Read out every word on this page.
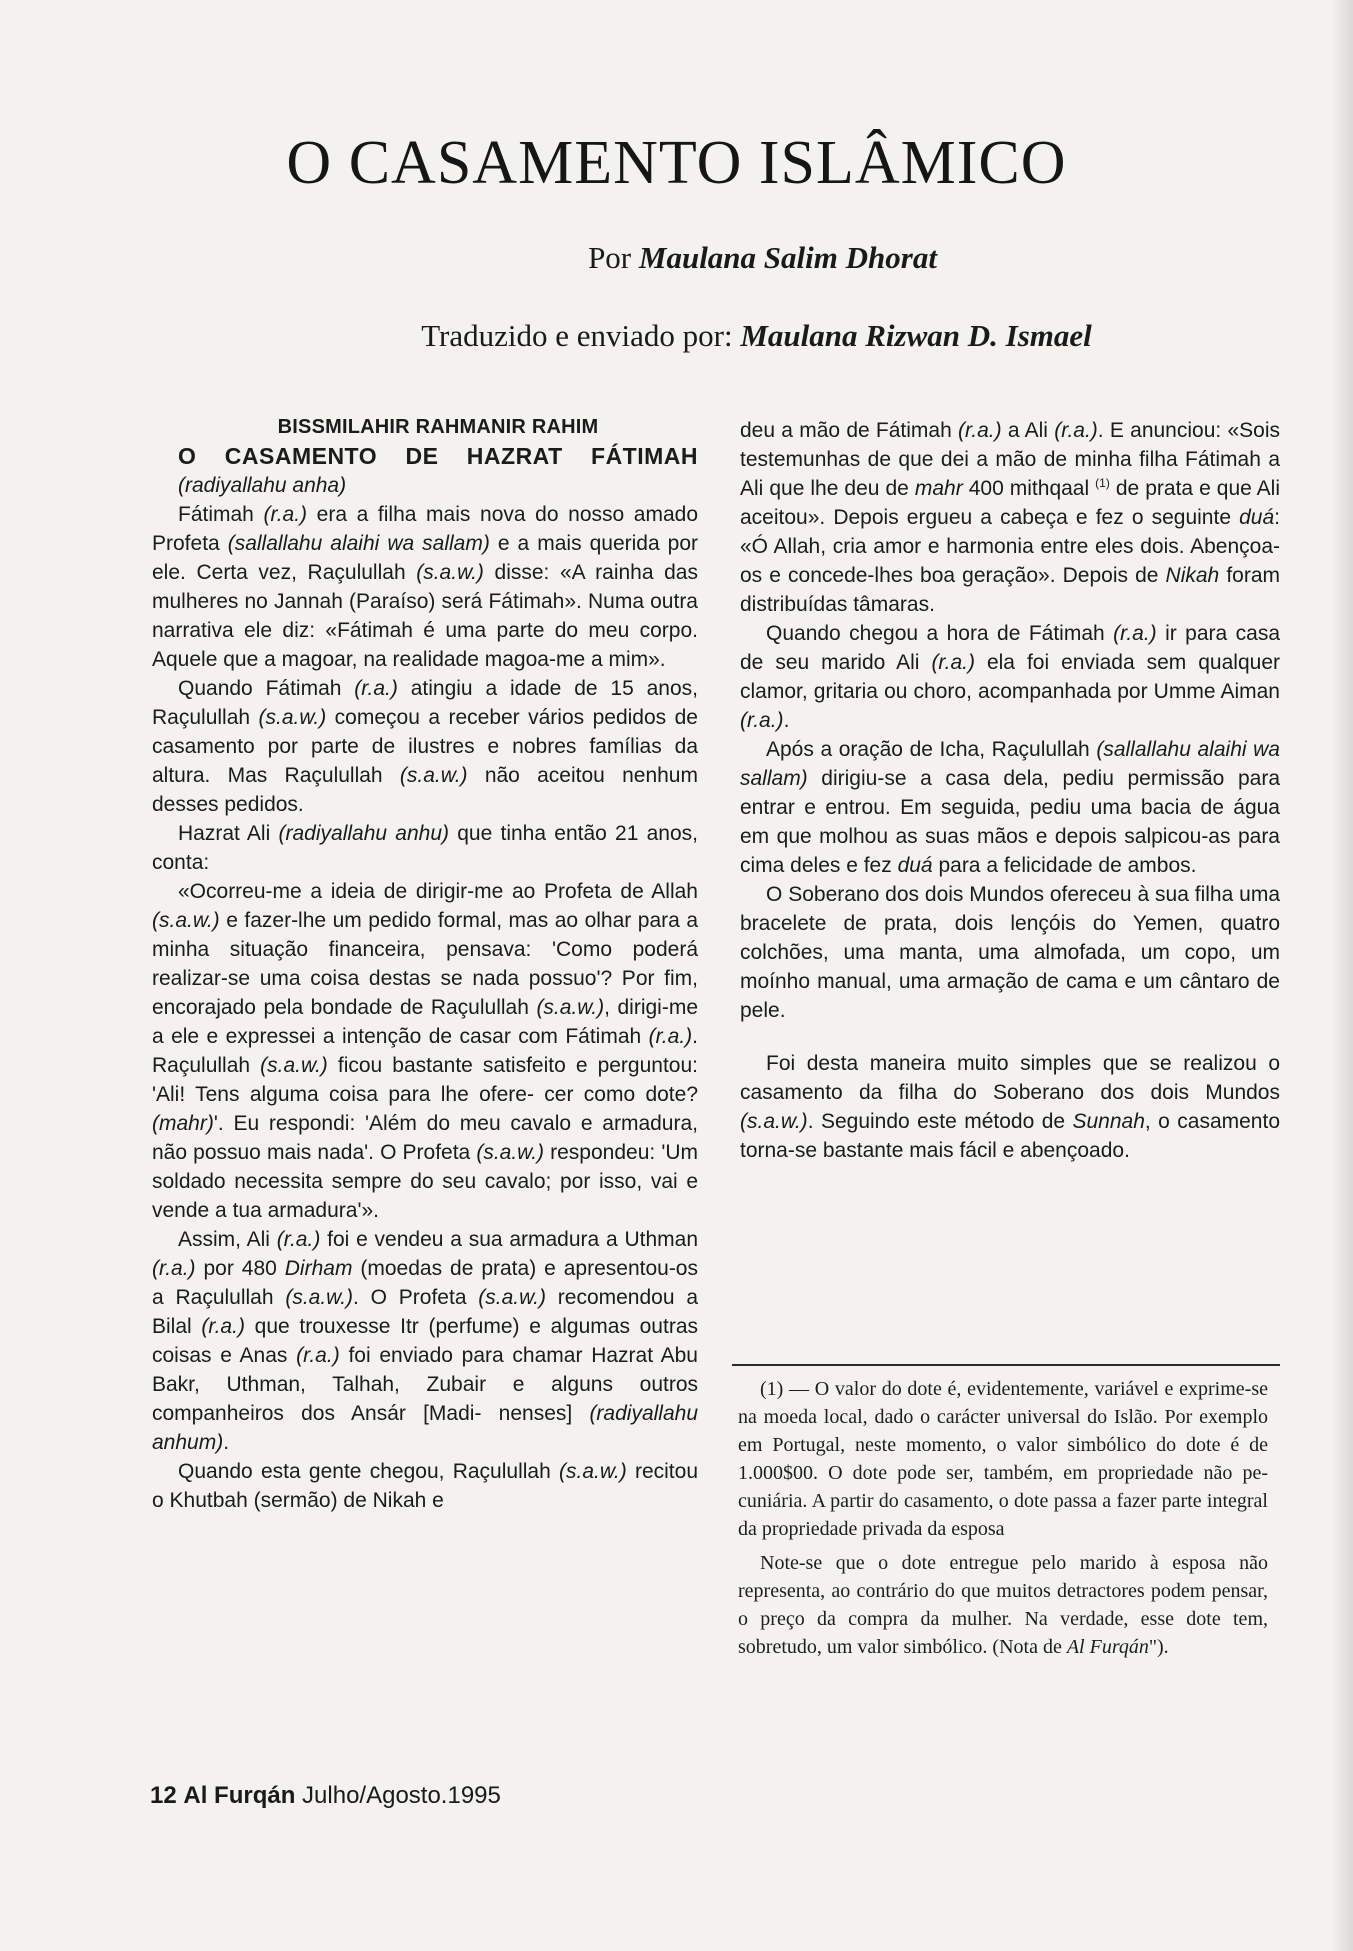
O CASAMENTO ISLÂMICO
Por Maulana Salim Dhorat
Traduzido e enviado por: Maulana Rizwan D. Ismael

BISSMILAHIR RAHMANIR RAHIM

O CASAMENTO DE HAZRAT FÁTIMAH

(radiyallahu anha)

Fátimah (r.a.) era a filha mais nova do nosso amado Profeta (sallallahu alaihi wa sallam) e a mais querida por ele. Certa vez, Raçulullah (s.a.w.) disse: «A rainha das mulheres no Jannah (Paraíso) será Fátimah». Numa outra narrativa ele diz: «Fátimah é uma parte do meu corpo. Aquele que a magoar, na realidade magoa-me a mim».

Quando Fátimah (r.a.) atingiu a idade de 15 anos, Raçulullah (s.a.w.) começou a receber vários pedidos de casamento por parte de ilustres e nobres famílias da altura. Mas Raçulullah (s.a.w.) não aceitou nenhum desses pedidos.

Hazrat Ali (radiyallahu anhu) que tinha então 21 anos, conta:

«Ocorreu-me a ideia de dirigir-me ao Profeta de Allah (s.a.w.) e fazer-lhe um pedido formal, mas ao olhar para a minha situação financeira, pensava: 'Como poderá realizar-se uma coisa destas se nada possuo'? Por fim, encorajado pela bondade de Raçulullah (s.a.w.), dirigi-me a ele e expressei a intenção de casar com Fátimah (r.a.). Raçulullah (s.a.w.) ficou bastante satisfeito e perguntou: 'Ali! Tens alguma coisa para lhe ofere- cer como dote? (mahr)'. Eu respondi: 'Além do meu cavalo e armadura, não possuo mais nada'. O Profeta (s.a.w.) respondeu: 'Um soldado necessita sempre do seu cavalo; por isso, vai e vende a tua armadura'».

Assim, Ali (r.a.) foi e vendeu a sua armadura a Uthman (r.a.) por 480 Dirham (moedas de prata) e apresentou-os a Raçulullah (s.a.w.). O Profeta (s.a.w.) recomendou a Bilal (r.a.) que trouxesse Itr (perfume) e algumas outras coisas e Anas (r.a.) foi enviado para chamar Hazrat Abu Bakr, Uthman, Talhah, Zubair e alguns outros companheiros dos Ansár [Madi- nenses] (radiyallahu anhum).

Quando esta gente chegou, Raçulullah (s.a.w.) recitou o Khutbah (sermão) de Nikah e

deu a mão de Fátimah (r.a.) a Ali (r.a.). E anunciou: «Sois testemunhas de que dei a mão de minha filha Fátimah a Ali que lhe deu de mahr 400 mithqaal $^{(1)}$ de prata e que Ali aceitou». Depois ergueu a cabeça e fez o seguinte duá: «Ó Allah, cria amor e harmonia entre eles dois. Abençoa-os e concede-lhes boa geração». Depois de Nikah foram distribuídas tâmaras.

Quando chegou a hora de Fátimah (r.a.) ir para casa de seu marido Ali (r.a.) ela foi enviada sem qualquer clamor, gritaria ou choro, acompanhada por Umme Aiman (r.a.).

Após a oração de Icha, Raçulullah (sallallahu alaihi wa sallam) dirigiu-se a casa dela, pediu permissão para entrar e entrou. Em seguida, pediu uma bacia de água em que molhou as suas mãos e depois salpicou-as para cima deles e fez duá para a felicidade de ambos.

O Soberano dos dois Mundos ofereceu à sua filha uma bracelete de prata, dois lençóis do Yemen, quatro colchões, uma manta, uma almofada, um copo, um moínho manual, uma armação de cama e um cântaro de pele.

Foi desta maneira muito simples que se realizou o casamento da filha do Soberano dos dois Mundos (s.a.w.). Seguindo este método de Sunnah, o casamento torna-se bastante mais fácil e abençoado.

(1) — O valor do dote é, evidentemente, variável e exprime-se na moeda local, dado o carácter universal do Islão. Por exemplo em Portugal, neste momento, o valor simbólico do dote é de 1.000$00. O dote pode ser, também, em propriedade não pecuniária. A partir do casamento, o dote passa a fazer parte integral da propriedade privada da esposa

Note-se que o dote entregue pelo marido à esposa não representa, ao contrário do que muitos detractores podem pensar, o preço da compra da mulher. Na verdade, esse dote tem, sobretudo, um valor simbólico. (Nota de Al Furqán").

12 Al Furqán Julho/Agosto.1995
